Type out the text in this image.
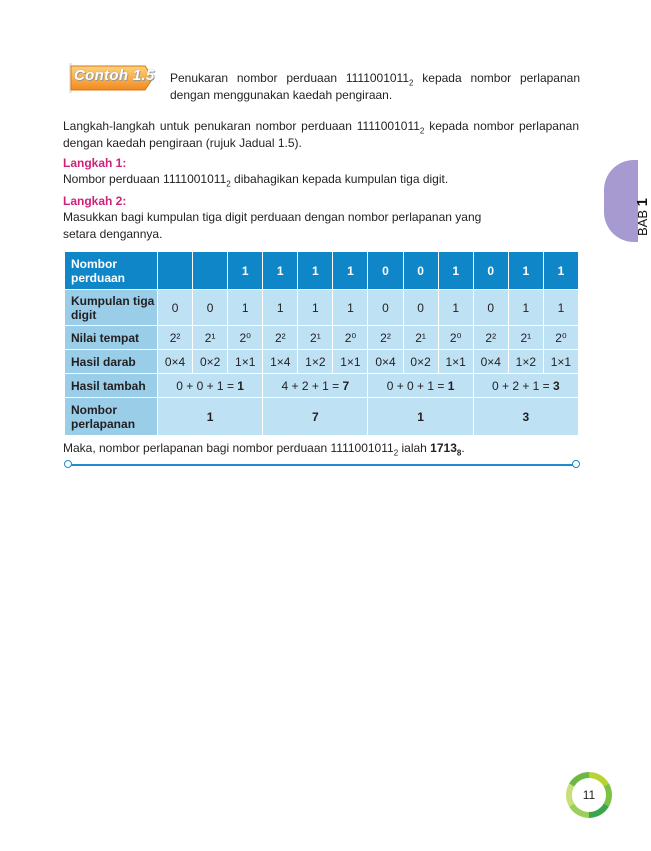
Contoh 1.5 Penukaran nombor perduaan $1111001011_2$ kepada nombor perlapanan dengan menggunakan kaedah pengiraan.
Langkah-langkah untuk penukaran nombor perduaan $1111001011_2$ kepada nombor perlapanan dengan kaedah pengiraan (rujuk Jadual 1.5).
Langkah 1:
Nombor perduaan $1111001011_2$ dibahagikan kepada kumpulan tiga digit.
Langkah 2:
Masukkan bagi kumpulan tiga digit perduaan dengan nombor perlapanan yang setara dengannya.	BAB 1
Nombor perduaan			1	1	1	1	0	0	1	0	1	1
Kumpulan tiga digit	0	0	1	1	1	1	0	0	1	0	1	1
Nilai tempat	2²	2¹	2⁰	2²	2¹	2⁰	2²	2¹	2⁰	2²	2¹	2⁰
Hasil darab	0×4	0×2	1×1	1×4	1×2	1×1	0×4	0×2	1×1	0×4	1×2	1×1
Hasil tambah	0 + 0 + 1 = 1			4 + 2 + 1 = 7			0 + 0 + 1 = 1			0 + 2 + 1 = 3		
Nombor perlapanan	1			7			1			3		
Maka, nombor perlapanan bagi nombor perduaan $1111001011_2$ ialah $1713_8$.
11
